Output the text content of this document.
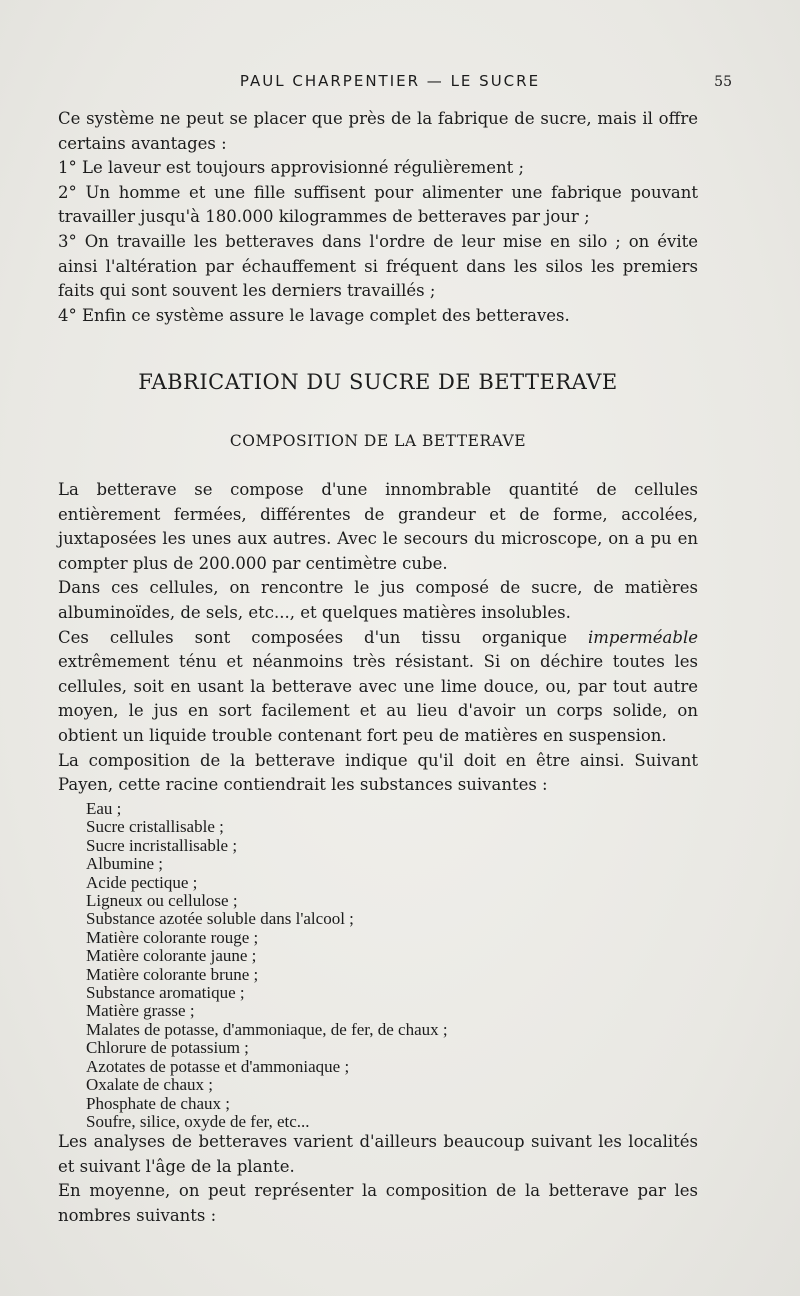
PAUL CHARPENTIER — LE SUCRE	55

Ce système ne peut se placer que près de la fabrique de sucre, mais il offre certains avantages :

1° Le laveur est toujours approvisionné régulièrement ;

2° Un homme et une fille suffisent pour alimenter une fabrique pouvant travailler jusqu'à 180.000 kilogrammes de betteraves par jour ;

3° On travaille les betteraves dans l'ordre de leur mise en silo ; on évite ainsi l'altération par échauffement si fréquent dans les silos les premiers faits qui sont souvent les derniers travaillés ;

4° Enfin ce système assure le lavage complet des betteraves.

FABRICATION DU SUCRE DE BETTERAVE
COMPOSITION DE LA BETTERAVE

La betterave se compose d'une innombrable quantité de cellules entièrement fermées, différentes de grandeur et de forme, accolées, juxtaposées les unes aux autres. Avec le secours du microscope, on a pu en compter plus de 200.000 par centimètre cube.

Dans ces cellules, on rencontre le jus composé de sucre, de matières albuminoïdes, de sels, etc..., et quelques matières insolubles.

Ces cellules sont composées d'un tissu organique imperméable extrêmement ténu et néanmoins très résistant. Si on déchire toutes les cellules, soit en usant la betterave avec une lime douce, ou, par tout autre moyen, le jus en sort facilement et au lieu d'avoir un corps solide, on obtient un liquide trouble contenant fort peu de matières en suspension.

La composition de la betterave indique qu'il doit en être ainsi. Suivant Payen, cette racine contiendrait les substances suivantes :

Eau ;
Sucre cristallisable ;
Sucre incristallisable ;
Albumine ;
Acide pectique ;
Ligneux ou cellulose ;
Substance azotée soluble dans l'alcool ;
Matière colorante rouge ;
Matière colorante jaune ;
Matière colorante brune ;
Substance aromatique ;
Matière grasse ;
Malates de potasse, d'ammoniaque, de fer, de chaux ;
Chlorure de potassium ;
Azotates de potasse et d'ammoniaque ;
Oxalate de chaux ;
Phosphate de chaux ;
Soufre, silice, oxyde de fer, etc...

Les analyses de betteraves varient d'ailleurs beaucoup suivant les localités et suivant l'âge de la plante.

En moyenne, on peut représenter la composition de la betterave par les nombres suivants :
